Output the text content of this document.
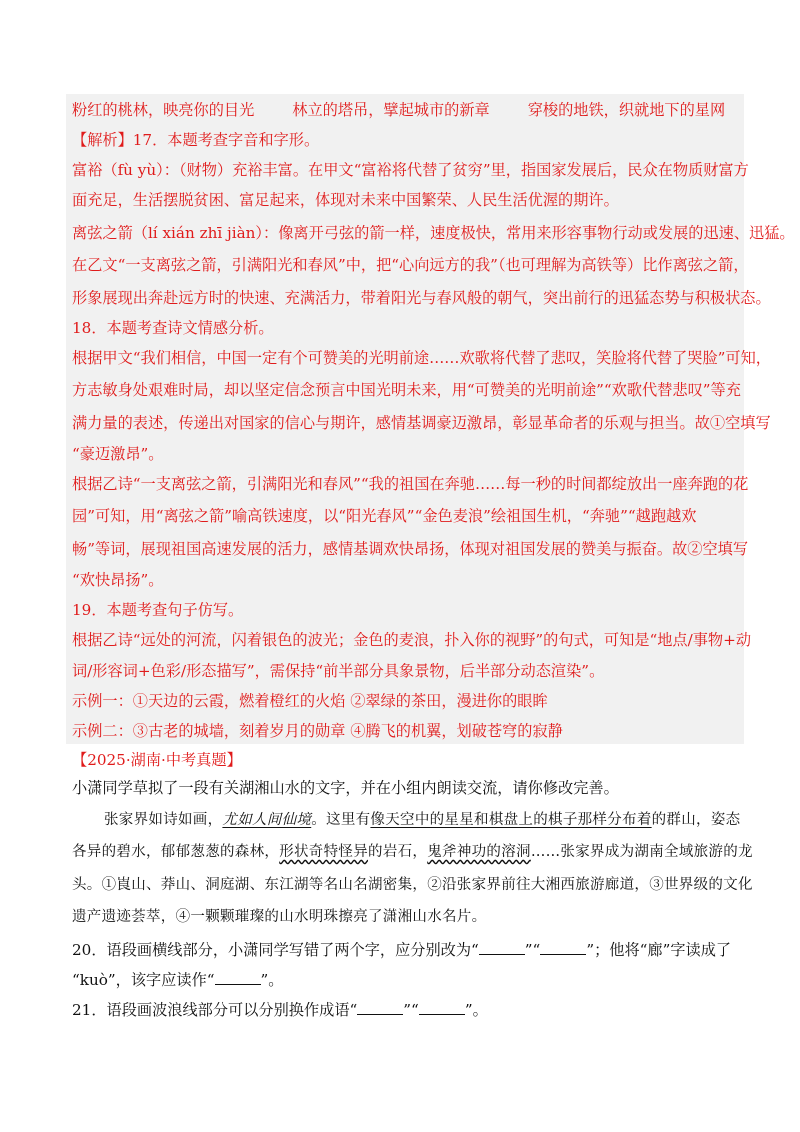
粉红的桃林，映亮你的目光	林立的塔吊，擘起城市的新章	穿梭的地铁，织就地下的星网
【解析】17．本题考查字音和字形。
富裕（fù yù）：（财物）充裕丰富。在甲文“富裕将代替了贫穷”里，指国家发展后，民众在物质财富方
面充足，生活摆脱贫困、富足起来，体现对未来中国繁荣、人民生活优渥的期许。
离弦之箭（lí xián zhī jiàn）：像离开弓弦的箭一样，速度极快，常用来形容事物行动或发展的迅速、迅猛。
在乙文“一支离弦之箭，引满阳光和春风”中，把“心向远方的我”（也可理解为高铁等）比作离弦之箭，
形象展现出奔赴远方时的快速、充满活力，带着阳光与春风般的朝气，突出前行的迅猛态势与积极状态。
18．本题考查诗文情感分析。
根据甲文“我们相信，中国一定有个可赞美的光明前途……欢歌将代替了悲叹，笑脸将代替了哭脸”可知，
方志敏身处艰难时局，却以坚定信念预言中国光明未来，用“可赞美的光明前途”“欢歌代替悲叹”等充
满力量的表述，传递出对国家的信心与期许，感情基调豪迈激昂，彰显革命者的乐观与担当。故①空填写
“豪迈激昂”。
根据乙诗“一支离弦之箭，引满阳光和春风”“我的祖国在奔驰……每一秒的时间都绽放出一座奔跑的花
园”可知，用“离弦之箭”喻高铁速度，以“阳光春风”“金色麦浪”绘祖国生机，“奔驰”“越跑越欢
畅”等词，展现祖国高速发展的活力，感情基调欢快昂扬，体现对祖国发展的赞美与振奋。故②空填写
“欢快昂扬”。
19．本题考查句子仿写。
根据乙诗“远处的河流，闪着银色的波光；金色的麦浪，扑入你的视野”的句式，可知是“地点/事物+动
词/形容词+色彩/形态描写”，需保持“前半部分具象景物，后半部分动态渲染”。
示例一：①天边的云霞，燃着橙红的火焰 ②翠绿的茶田，漫进你的眼眸
示例二：③古老的城墙，刻着岁月的勋章 ④腾飞的机翼，划破苍穹的寂静
【2025·湖南·中考真题】
小潇同学草拟了一段有关湖湘山水的文字，并在小组内朗读交流，请你修改完善。
张家界如诗如画，尤如人间仙境。这里有像天空中的星星和棋盘上的棋子那样分布着的群山，姿态
各异的碧水，郁郁葱葱的森林，形状奇特怪异的岩石，鬼斧神功的溶洞……张家界成为湖南全域旅游的龙
头。①崀山、莽山、洞庭湖、东江湖等名山名湖密集，②沿张家界前往大湘西旅游廊道，③世界级的文化
遗产遗迹荟萃，④一颗颗璀璨的山水明珠擦亮了潇湘山水名片。
20．语段画横线部分，小潇同学写错了两个字，应分别改为“	”“	”；他将“廊”字读成了
“kuò”，该字应读作“	”。
21．语段画波浪线部分可以分别换作成语“	”“	”。
